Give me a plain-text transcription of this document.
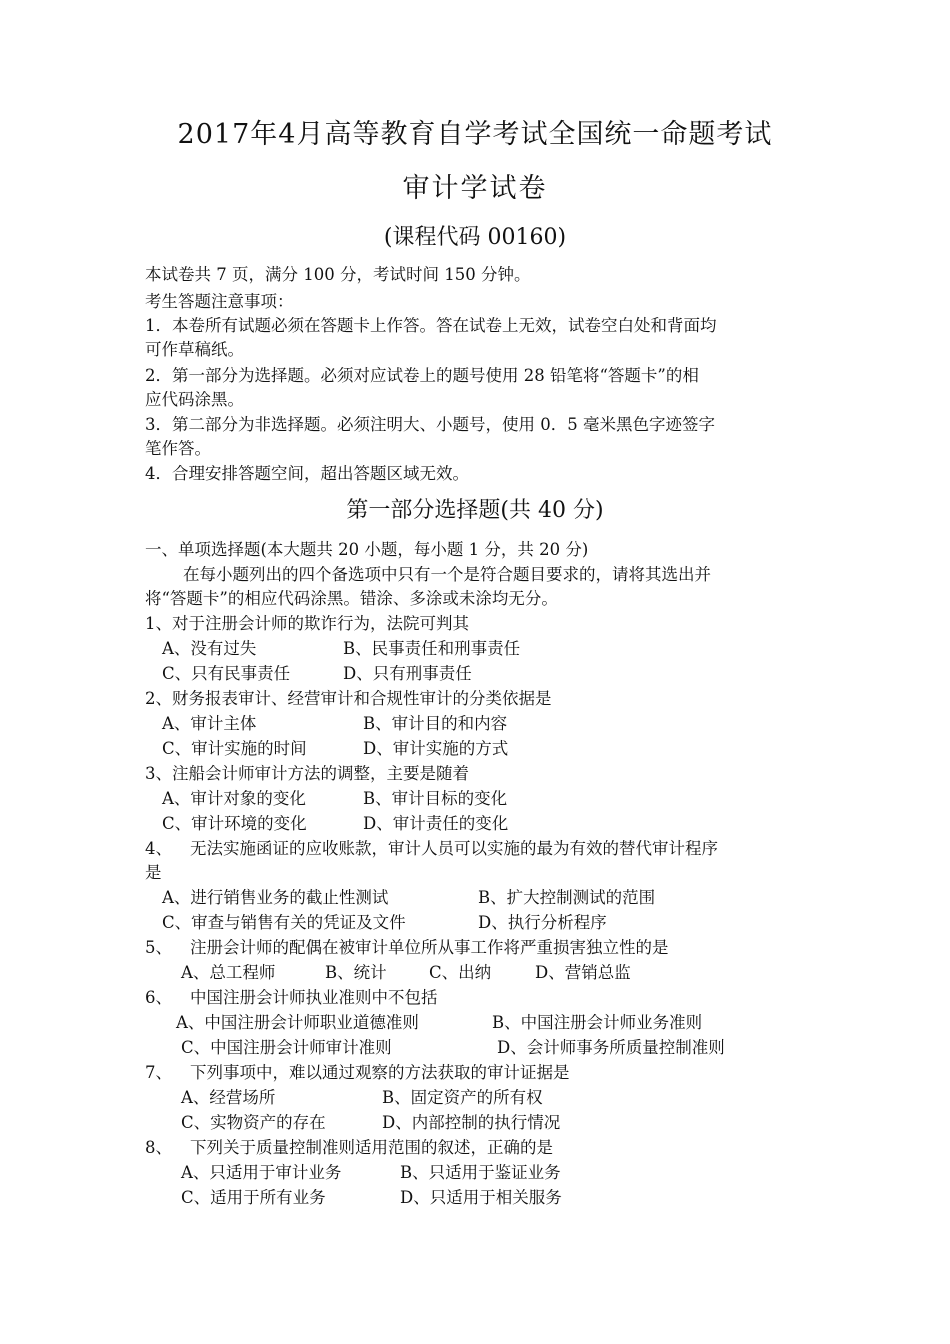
2017年4月高等教育自学考试全国统一命题考试
审计学试卷
(课程代码 00160)
本试卷共 7 页，满分 100 分，考试时间 150 分钟。
考生答题注意事项：
1．本卷所有试题必须在答题卡上作答。答在试卷上无效，试卷空白处和背面均
可作草稿纸。
2．第一部分为选择题。必须对应试卷上的题号使用 28 铅笔将“答题卡”的相
应代码涂黑。
3．第二部分为非选择题。必须注明大、小题号，使用 0．5 毫米黑色字迹签字
笔作答。
4．合理安排答题空间，超出答题区域无效。
第一部分选择题(共 40 分)
一、单项选择题(本大题共 20 小题，每小题 1 分，共 20 分)
在每小题列出的四个备选项中只有一个是符合题目要求的，请将其选出并
将“答题卡”的相应代码涂黑。错涂、多涂或未涂均无分。
1、对于注册会计师的欺诈行为，法院可判其
A、没有过失	B、民事责任和刑事责任
C、只有民事责任	D、只有刑事责任
2、财务报表审计、经营审计和合规性审计的分类依据是
A、审计主体	B、审计目的和内容
C、审计实施的时间	D、审计实施的方式
3、注船会计师审计方法的调整，主要是随着
A、审计对象的变化	B、审计目标的变化
C、审计环境的变化	D、审计责任的变化
4、 无法实施函证的应收账款，审计人员可以实施的最为有效的替代审计程序
是
A、进行销售业务的截止性测试	B、扩大控制测试的范围
C、审查与销售有关的凭证及文件	D、执行分析程序
5、 注册会计师的配偶在被审计单位所从事工作将严重损害独立性的是
A、总工程师	B、统计	C、出纳	D、营销总监
6、 中国注册会计师执业准则中不包括
A、中国注册会计师职业道德准则	B、中国注册会计师业务准则
C、中国注册会计师审计准则	D、会计师事务所质量控制准则
7、 下列事项中，难以通过观察的方法获取的审计证据是
A、经营场所	B、固定资产的所有权
C、实物资产的存在	D、内部控制的执行情况
8、 下列关于质量控制准则适用范围的叙述，正确的是
A、只适用于审计业务	B、只适用于鉴证业务
C、适用于所有业务	D、只适用于相关服务
